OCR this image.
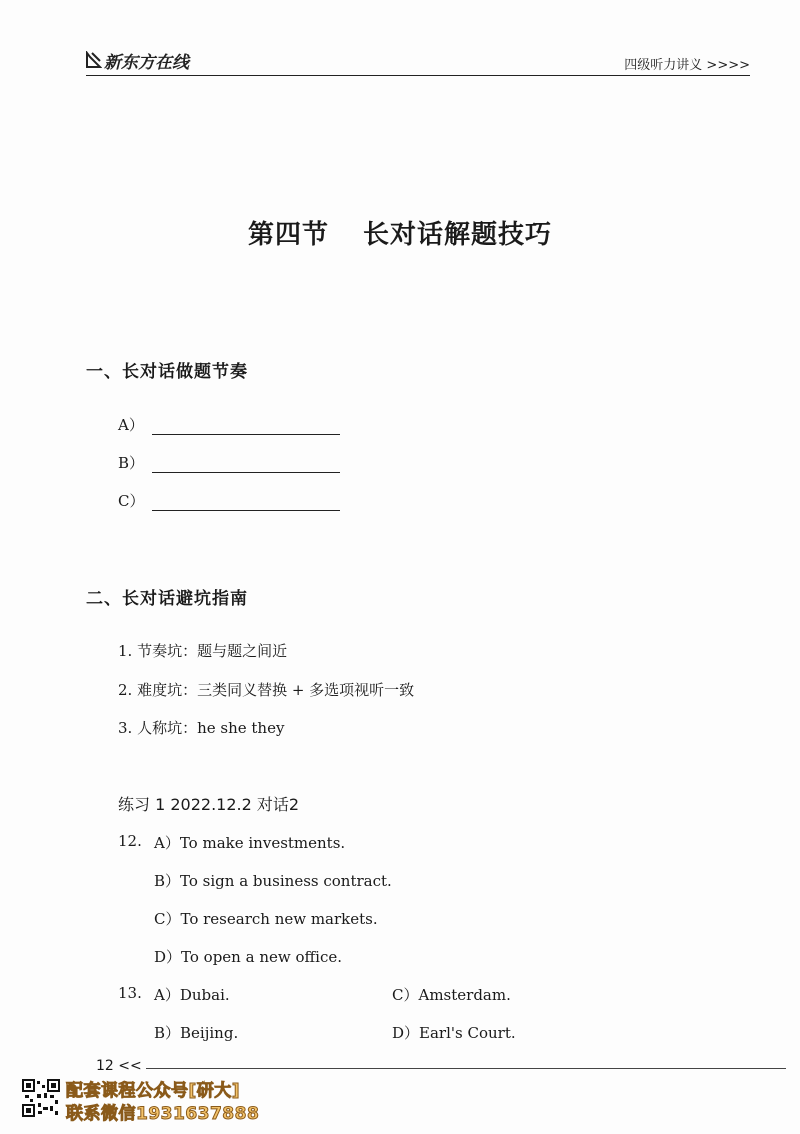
新东方在线	四级听力讲义 >>>>
第四节 长对话解题技巧
一、长对话做题节奏
A）
B）
C）
二、长对话避坑指南
1. 节奏坑：题与题之间近
2. 难度坑：三类同义替换 + 多选项视听一致
3. 人称坑：he she they
练习 1 2022.12.2 对话2
12. A）To make investments.
B）To sign a business contract.
C）To research new markets.
D）To open a new office.
13. A）Dubai.
B）Beijing.
C）Amsterdam.
D）Earl's Court.
12 <<
配套课程公众号[研大]
联系微信1931637888
